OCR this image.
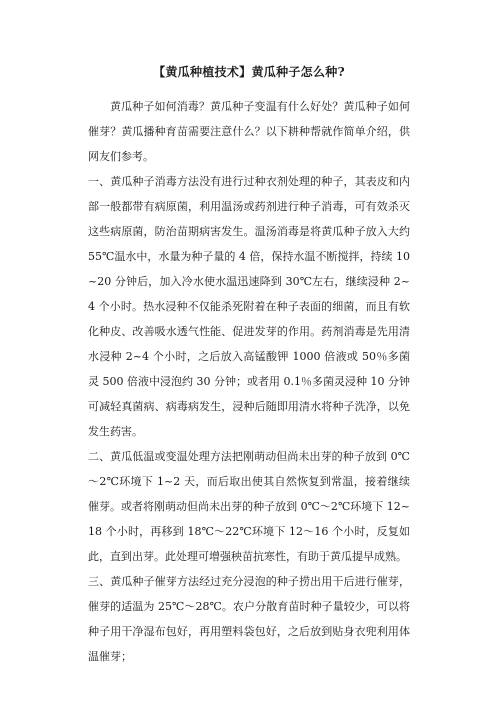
【黄瓜种植技术】黄瓜种子怎么种?

黄瓜种子如何消毒？黄瓜种子变温有什么好处？黄瓜种子如何催芽？黄瓜播种育苗需要注意什么？以下耕种帮就作简单介绍，供网友们参考。

一、黄瓜种子消毒方法没有进行过种衣剂处理的种子，其表皮和内部一般都带有病原菌，利用温汤或药剂进行种子消毒，可有效杀灭这些病原菌，防治苗期病害发生。温汤消毒是将黄瓜种子放入大约 55℃温水中，水量为种子量的 4 倍，保持水温不断搅拌，持续 10~20 分钟后，加入冷水使水温迅速降到 30℃左右，继续浸种 2~4 个小时。热水浸种不仅能杀死附着在种子表面的细菌，而且有软化种皮、改善吸水透气性能、促进发芽的作用。药剂消毒是先用清水浸种 2~4 个小时，之后放入高锰酸钾 1000 倍液或 50％多菌灵 500 倍液中浸泡约 30 分钟；或者用 0.1％多菌灵浸种 10 分钟可减轻真菌病、病毒病发生，浸种后随即用清水将种子洗净，以免发生药害。

二、黄瓜低温或变温处理方法把刚萌动但尚未出芽的种子放到 0℃～2℃环境下 1~2 天，而后取出使其自然恢复到常温，接着继续催芽。或者将刚萌动但尚未出芽的种子放到 0℃～2℃环境下 12~18 个小时，再移到 18℃～22℃环境下 12～16 个小时，反复如此，直到出芽。此处理可增强秧苗抗寒性，有助于黄瓜提早成熟。

三、黄瓜种子催芽方法经过充分浸泡的种子捞出用干后进行催芽，催芽的适温为 25℃～28℃。农户分散育苗时种子量较少，可以将种子用干净湿布包好，再用塑料袋包好，之后放到贴身衣兜利用体温催芽；
